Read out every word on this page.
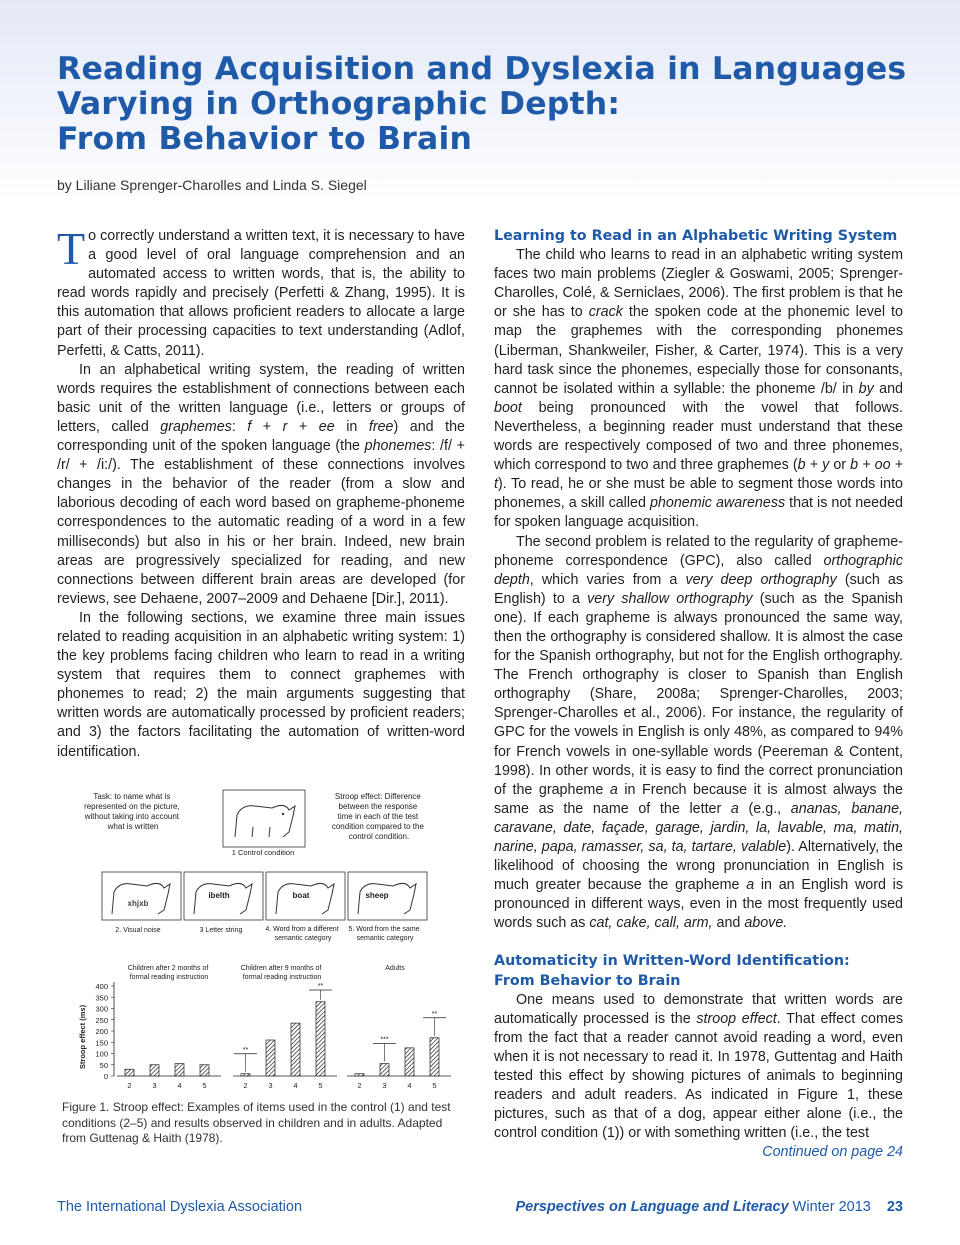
Reading Acquisition and Dyslexia in Languages
Varying in Orthographic Depth:
From Behavior to Brain

by Liliane Sprenger-Charolles and Linda S. Siegel

To correctly understand a written text, it is necessary to have a good level of oral language comprehension and an automated access to written words, that is, the ability to read words rapidly and precisely (Perfetti & Zhang, 1995). It is this automation that allows proficient readers to allocate a large part of their processing capacities to text understanding (Adlof, Perfetti, & Catts, 2011).

In an alphabetical writing system, the reading of written words requires the establishment of connections between each basic unit of the written language (i.e., letters or groups of letters, called graphemes: f + r + ee in free) and the corresponding unit of the spoken language (the phonemes: /f/ + /r/ + /i:/). The establishment of these connections involves changes in the behavior of the reader (from a slow and laborious decoding of each word based on grapheme-phoneme correspondences to the automatic reading of a word in a few milliseconds) but also in his or her brain. Indeed, new brain areas are progressively specialized for reading, and new connections between different brain areas are developed (for reviews, see Dehaene, 2007–2009 and Dehaene [Dir.], 2011).

In the following sections, we examine three main issues related to reading acquisition in an alphabetic writing system: 1) the key problems facing children who learn to read in a writing system that requires them to connect graphemes with phonemes to read; 2) the main arguments suggesting that written words are automatically processed by proficient readers; and 3) the factors facilitating the automation of written-word identification.

Task: to name what is represented on the picture, without taking into account what is written
Stroop effect: Difference between the response time in each of the test condition compared to the control condition.
1 Control condition
xhjxb
ibelth	boat	sheep
2. Visual noise	3 Letter string	4. Word from a different semantic category
5. Word from the same semantic category
Children after 2 months of formal reading instruction
Children after 9 months of formal reading instruction
Adults
Stroop effect (ms)
400
350
300
250
200
150
100
50
0
2	3	4	5	2
**
3	4	5
**
2	3
***
4	5
**

Figure 1. Stroop effect: Examples of items used in the control (1) and test conditions (2–5) and results observed in children and in adults. Adapted from Guttenag & Haith (1978).

Learning to Read in an Alphabetic Writing System

The child who learns to read in an alphabetic writing system faces two main problems (Ziegler & Goswami, 2005; Sprenger-Charolles, Colé, & Serniclaes, 2006). The first problem is that he or she has to crack the spoken code at the phonemic level to map the graphemes with the corresponding phonemes (Liberman, Shankweiler, Fisher, & Carter, 1974). This is a very hard task since the phonemes, especially those for consonants, cannot be isolated within a syllable: the phoneme /b/ in by and boot being pronounced with the vowel that follows. Nevertheless, a beginning reader must understand that these words are respectively composed of two and three phonemes, which correspond to two and three graphemes (b + y or b + oo + t). To read, he or she must be able to segment those words into phonemes, a skill called phonemic awareness that is not needed for spoken language acquisition.

The second problem is related to the regularity of grapheme-phoneme correspondence (GPC), also called orthographic depth, which varies from a very deep orthography (such as English) to a very shallow orthography (such as the Spanish one). If each grapheme is always pronounced the same way, then the orthography is considered shallow. It is almost the case for the Spanish orthography, but not for the English orthography. The French orthography is closer to Spanish than English orthography (Share, 2008a; Sprenger-Charolles, 2003; Sprenger-Charolles et al., 2006). For instance, the regularity of GPC for the vowels in English is only 48%, as compared to 94% for French vowels in one-syllable words (Peereman & Content, 1998). In other words, it is easy to find the correct pronunciation of the grapheme a in French because it is almost always the same as the name of the letter a (e.g., ananas, banane, caravane, date, façade, garage, jardin, la, lavable, ma, matin, narine, papa, ramasser, sa, ta, tartare, valable). Alternatively, the likelihood of choosing the wrong pronunciation in English is much greater because the grapheme a in an English word is pronounced in different ways, even in the most frequently used words such as cat, cake, call, arm, and above.

Automaticity in Written-Word Identification:
From Behavior to Brain

One means used to demonstrate that written words are automatically processed is the stroop effect. That effect comes from the fact that a reader cannot avoid reading a word, even when it is not necessary to read it. In 1978, Guttentag and Haith tested this effect by showing pictures of animals to beginning readers and adult readers. As indicated in Figure 1, these pictures, such as that of a dog, appear either alone (i.e., the control condition (1)) or with something written (i.e., the test

Continued on page 24

The International Dyslexia Association	Perspectives on Language and Literacy Winter 2013 23
